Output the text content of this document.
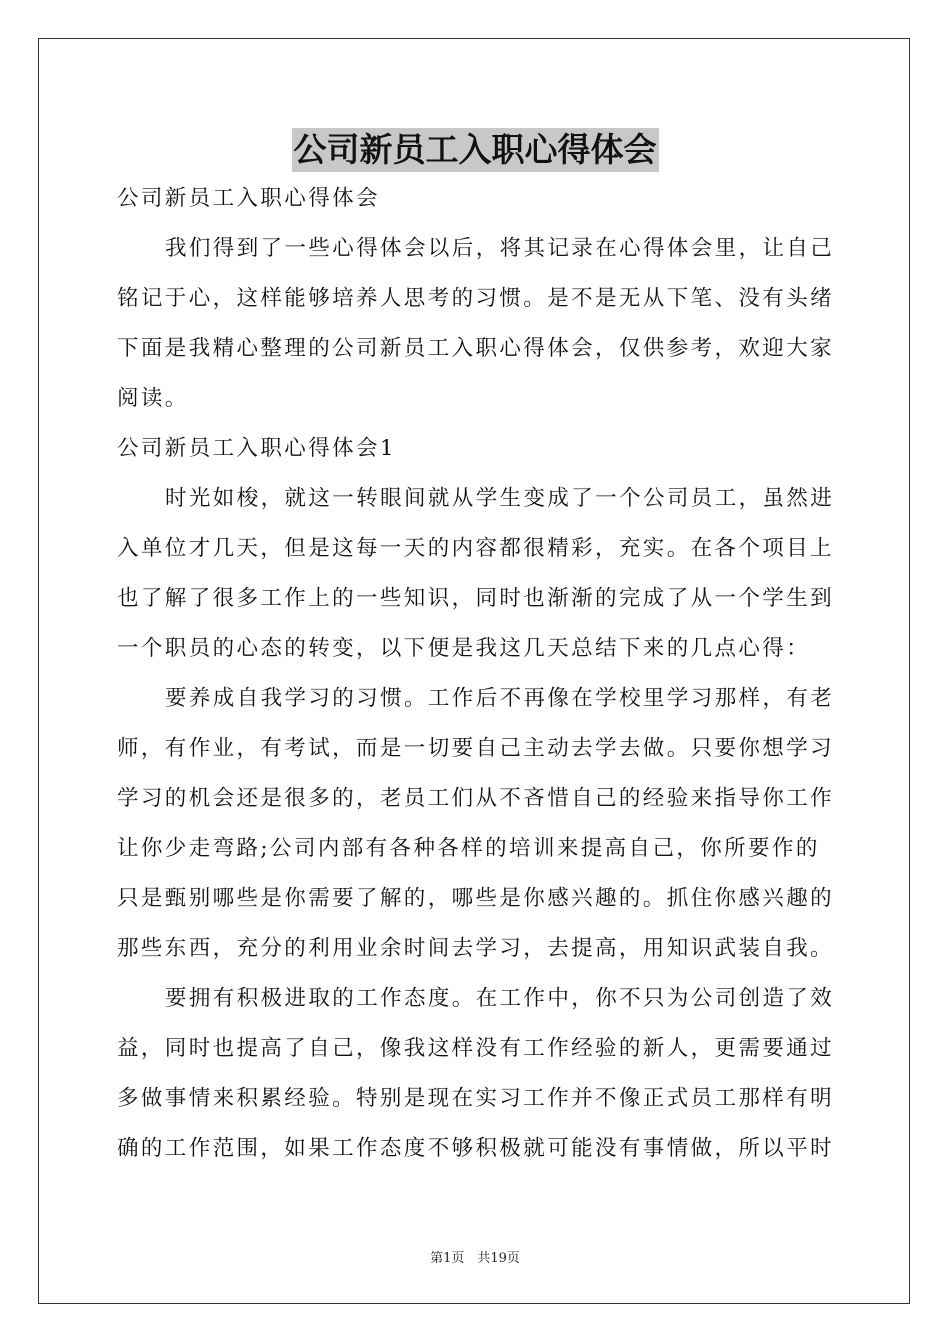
公司新员工入职心得体会
公司新员工入职心得体会
我们得到了一些心得体会以后，将其记录在心得体会里，让自己
铭记于心，这样能够培养人思考的习惯。是不是无从下笔、没有头绪
下面是我精心整理的公司新员工入职心得体会，仅供参考，欢迎大家
阅读。
公司新员工入职心得体会1
时光如梭，就这一转眼间就从学生变成了一个公司员工，虽然进
入单位才几天，但是这每一天的内容都很精彩，充实。在各个项目上
也了解了很多工作上的一些知识，同时也渐渐的完成了从一个学生到
一个职员的心态的转变，以下便是我这几天总结下来的几点心得：
要养成自我学习的习惯。工作后不再像在学校里学习那样，有老
师，有作业，有考试，而是一切要自己主动去学去做。只要你想学习
学习的机会还是很多的，老员工们从不吝惜自己的经验来指导你工作
让你少走弯路;公司内部有各种各样的培训来提高自己，你所要作的
只是甄别哪些是你需要了解的，哪些是你感兴趣的。抓住你感兴趣的
那些东西，充分的利用业余时间去学习，去提高，用知识武装自我。
要拥有积极进取的工作态度。在工作中，你不只为公司创造了效
益，同时也提高了自己，像我这样没有工作经验的新人，更需要通过
多做事情来积累经验。特别是现在实习工作并不像正式员工那样有明
确的工作范围，如果工作态度不够积极就可能没有事情做，所以平时
第1页　共19页
